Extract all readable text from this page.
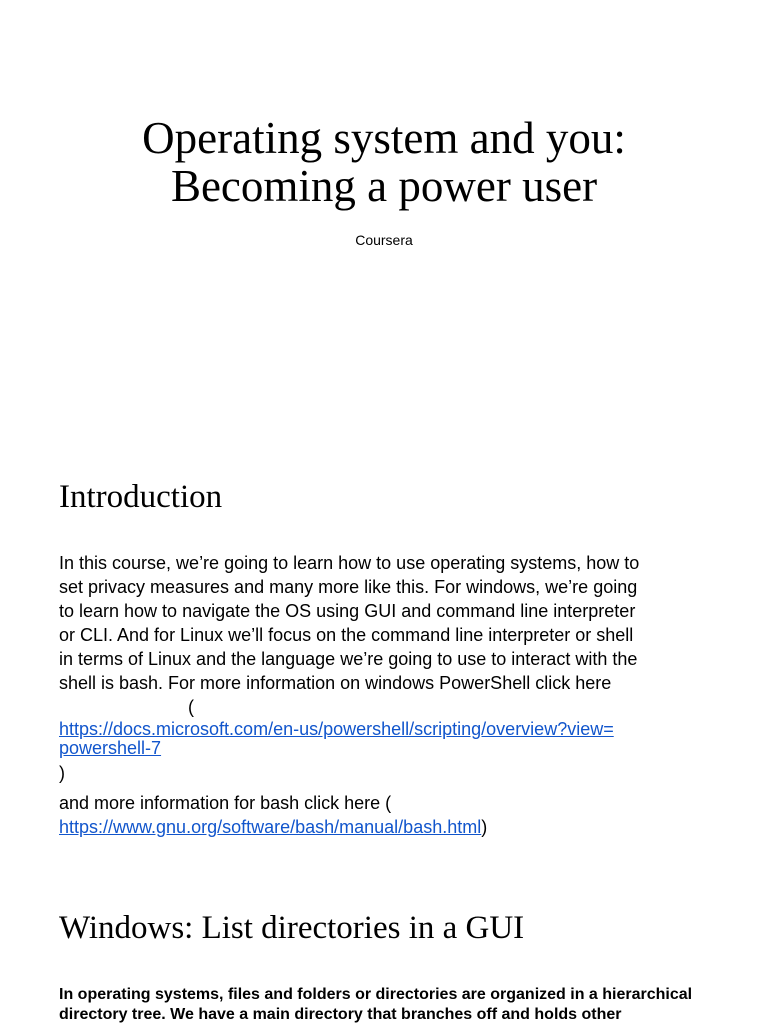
Operating system and you:
Becoming a power user
Coursera
Introduction
In this course, we’re going to learn how to use operating systems, how to
set privacy measures and many more like this. For windows, we’re going
to learn how to navigate the OS using GUI and command line interpreter
or CLI. And for Linux we’ll focus on the command line interpreter or shell
in terms of Linux and the language we’re going to use to interact with the
shell is bash. For more information on windows PowerShell click here
(
https://docs.microsoft.com/en-us/powershell/scripting/overview?view=
powershell-7
)
and more information for bash click here (
https://www.gnu.org/software/bash/manual/bash.html)
Windows: List directories in a GUI
In operating systems, files and folders or directories are organized in a hierarchical
directory tree. We have a main directory that branches off and holds other
